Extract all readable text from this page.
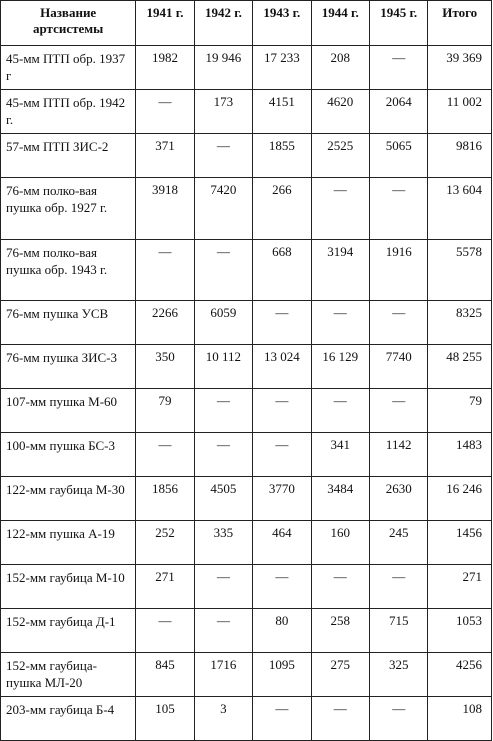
Название артсистемы	1941 г.	1942 г.	1943 г.	1944 г.	1945 г.	Итого
45-мм ПТП обр. 1937 г	1982	19 946	17 233	208	—	39 369
45-мм ПТП обр. 1942 г.	—	173	4151	4620	2064	11 002
57-мм ПТП ЗИС-2	371	—	1855	2525	5065	9816
76-мм полко-вая пушка обр. 1927 г.	3918	7420	266	—	—	13 604
76-мм полко-вая пушка обр. 1943 г.	—	—	668	3194	1916	5578
76-мм пушка УСВ	2266	6059	—	—	—	8325
76-мм пушка ЗИС-3	350	10 112	13 024	16 129	7740	48 255
107-мм пушка М-60	79	—	—	—	—	79
100-мм пушка БС-3	—	—	—	341	1142	1483
122-мм гаубица М-30	1856	4505	3770	3484	2630	16 246
122-мм пушка А-19	252	335	464	160	245	1456
152-мм гаубица М-10	271	—	—	—	—	271
152-мм гаубица Д-1	—	—	80	258	715	1053
152-мм гаубица-пушка МЛ-20	845	1716	1095	275	325	4256
203-мм гаубица Б-4	105	3	—	—	—	108
